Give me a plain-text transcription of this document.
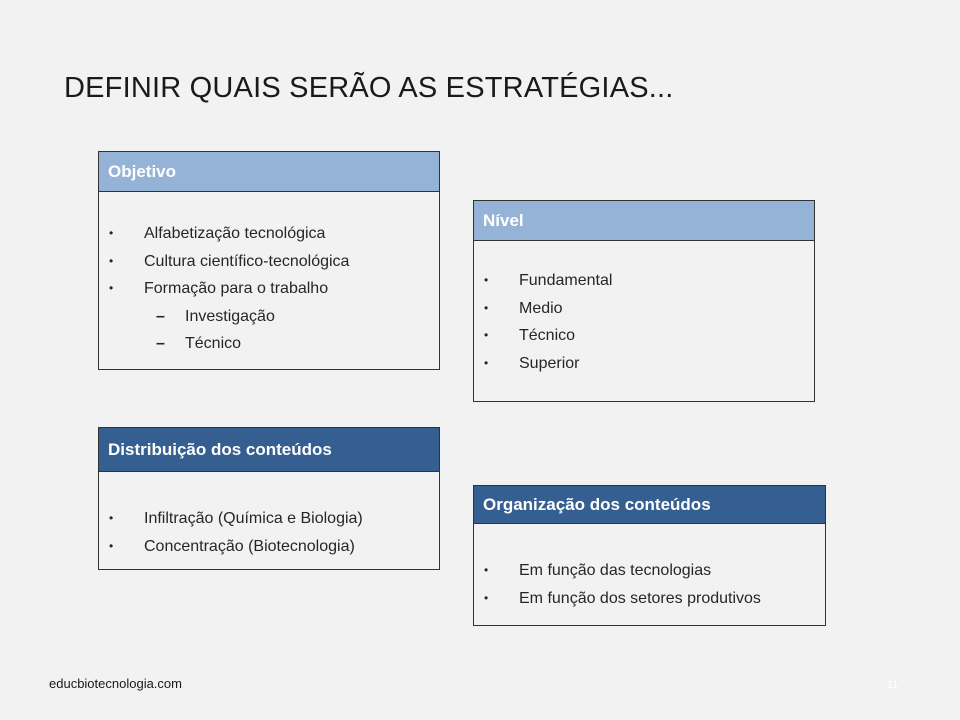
DEFINIR QUAIS SERÃO AS ESTRATÉGIAS...
Objetivo
• Alfabetização tecnológica
• Cultura científico-tecnológica
• Formação para o trabalho
– Investigação
– Técnico
Nível
• Fundamental
• Medio
• Técnico
• Superior
Distribuição dos conteúdos
• Infiltração (Química e Biologia)
• Concentração (Biotecnologia)
Organização dos conteúdos
• Em função das tecnologias
• Em função dos setores produtivos
educbiotecnologia.com	11
